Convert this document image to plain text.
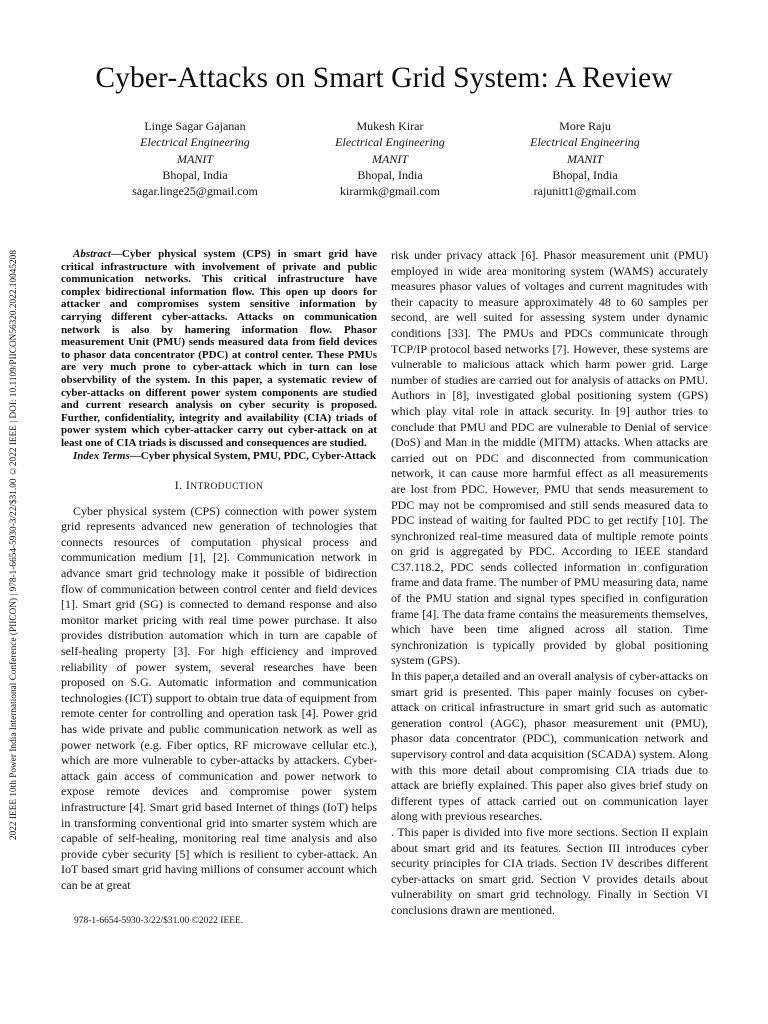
2022 IEEE 10th Power India International Conference (PIICON) | 978-1-6654-5930-3/22/$31.00 ©2022 IEEE | DOI: 10.1109/PIICON56320.2022.10045208
Cyber-Attacks on Smart Grid System: A Review
Linge Sagar Gajanan
Electrical Engineering
MANIT
Bhopal, India
sagar.linge25@gmail.com
Mukesh Kirar
Electrical Engineering
MANIT
Bhopal, India
kirarmk@gmail.com
More Raju
Electrical Engineering
MANIT
Bhopal, India
rajunitt1@gmail.com

Abstract—Cyber physical system (CPS) in smart grid have critical infrastructure with involvement of private and public communication networks. This critical infrastructure have complex bidirectional information flow. This open up doors for attacker and compromises system sensitive information by carrying different cyber-attacks. Attacks on communication network is also by hamering information flow. Phasor measurement Unit (PMU) sends measured data from field devices to phasor data concentrator (PDC) at control center. These PMUs are very much prone to cyber-attack which in turn can lose observbility of the system. In this paper, a systematic review of cyber-attacks on different power system components are studied and current research analysis on cyber security is proposed. Further, confidentiality, integrity and availability (CIA) triads of power system which cyber-attacker carry out cyber-attack on at least one of CIA triads is discussed and consequences are studied.

Index Terms—Cyber physical System, PMU, PDC, Cyber-Attack

I. INTRODUCTION

Cyber physical system (CPS) connection with power system grid represents advanced new generation of technologies that connects resources of computation physical process and communication medium [1], [2]. Communication network in advance smart grid technology make it possible of bidirection flow of communication between control center and field devices [1]. Smart grid (SG) is connected to demand response and also monitor market pricing with real time power purchase. It also provides distribution automation which in turn are capable of self-healing property [3]. For high efficiency and improved reliability of power system, several researches have been proposed on S.G. Automatic information and communication technologies (ICT) support to obtain true data of equipment from remote center for controlling and operation task [4]. Power grid has wide private and public communication network as well as power network (e.g. Fiber optics, RF microwave cellular etc.), which are more vulnerable to cyber-attacks by attackers. Cyber-attack gain access of communication and power network to expose remote devices and compromise power system infrastructure [4]. Smart grid based Internet of things (IoT) helps in transforming conventional grid into smarter system which are capable of self-healing, monitoring real time analysis and also provide cyber security [5] which is resilient to cyber-attack. An IoT based smart grid having millions of consumer account which can be at great

risk under privacy attack [6]. Phasor measurement unit (PMU) employed in wide area monitoring system (WAMS) accurately measures phasor values of voltages and current magnitudes with their capacity to measure approximately 48 to 60 samples per second, are well suited for assessing system under dynamic conditions [33]. The PMUs and PDCs communicate through TCP/IP protocol based networks [7]. However, these systems are vulnerable to malicious attack which harm power grid. Large number of studies are carried out for analysis of attacks on PMU. Authors in [8], investigated global positioning system (GPS) which play vital role in attack security. In [9] author tries to conclude that PMU and PDC are vulnerable to Denial of service (DoS) and Man in the middle (MITM) attacks. When attacks are carried out on PDC and disconnected from communication network, it can cause more harmful effect as all measurements are lost from PDC. However, PMU that sends measurement to PDC may not be compromised and still sends measured data to PDC instead of waiting for faulted PDC to get rectify [10]. The synchronized real-time measured data of multiple remote points on grid is aggregated by PDC. According to IEEE standard C37.118.2, PDC sends collected information in configuration frame and data frame. The number of PMU measuring data, name of the PMU station and signal types specified in configuration frame [4]. The data frame contains the measurements themselves, which have been time aligned across all station. Time synchronization is typically provided by global positioning system (GPS).

In this paper,a detailed and an overall analysis of cyber-attacks on smart grid is presented. This paper mainly focuses on cyber-attack on critical infrastructure in smart grid such as automatic generation control (AGC), phasor measurement unit (PMU), phasor data concentrator (PDC), communication network and supervisory control and data acquisition (SCADA) system. Along with this more detail about compromising CIA triads due to attack are briefly explained. This paper also gives brief study on different types of attack carried out on communication layer along with previous researches.

. This paper is divided into five more sections. Section II explain about smart grid and its features. Section III introduces cyber security principles for CIA triads. Section IV describes different cyber-attacks on smart grid. Section V provides details about vulnerability on smart grid technology. Finally in Section VI conclusions drawn are mentioned.

978-1-6654-5930-3/22/$31.00 ©2022 IEEE.
